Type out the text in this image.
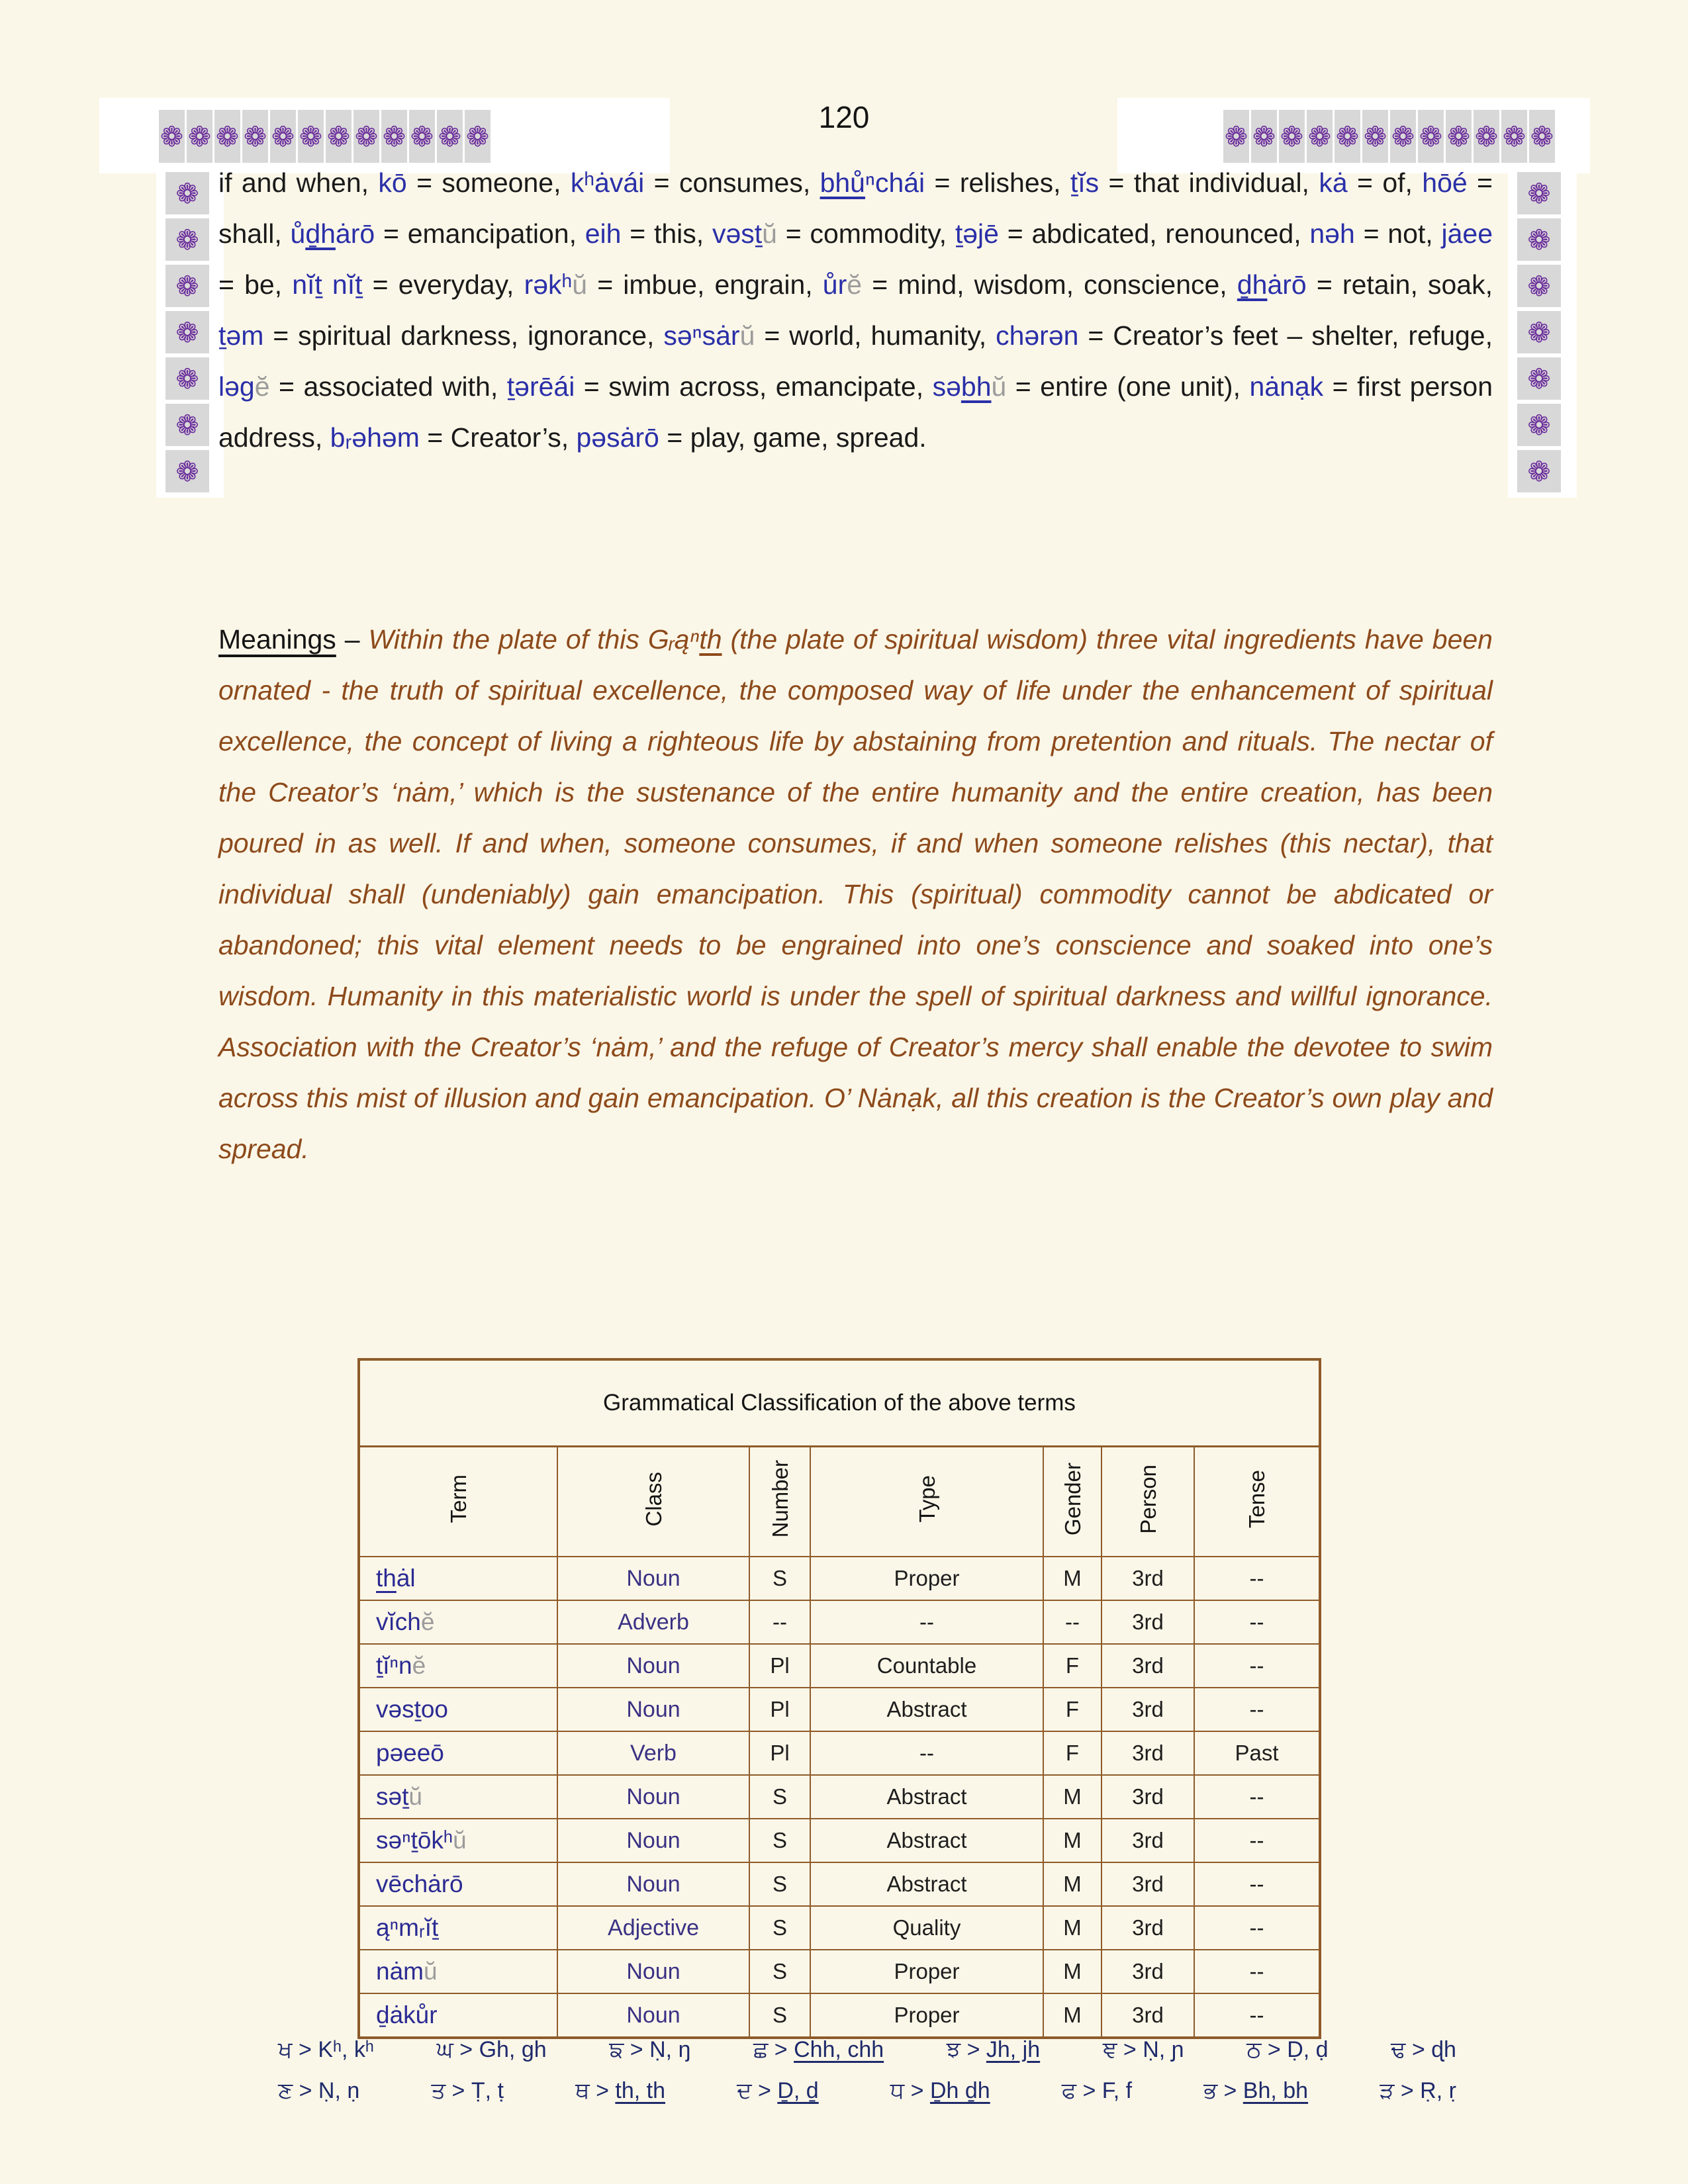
❁ ❁ ❁ ❁ ❁ ❁ ❁ ❁ ❁ ❁ ❁ ❁	❁ ❁ ❁ ❁ ❁ ❁ ❁ ❁ ❁ ❁ ❁ ❁
❁
❁
❁
❁
❁
❁
❁
❁
❁
❁
❁
❁
❁
❁
120

if and when, kō = someone, kʰȧvái = consumes, bhůⁿchái = relishes, ṯĭs = that individual, kȧ = of, hōé = shall, ůḏhȧrō = emancipation, eih = this, vəsṯŭ = commodity, ṯəjē = abdicated, renounced, nəh = not, jȧee = be, nĭṯ nĭṯ = everyday, rəkʰŭ = imbue, engrain, ůrĕ = mind, wisdom, conscience, ḏhȧrō = retain, soak, ṯəm = spiritual darkness, ignorance, səⁿsȧrŭ = world, humanity, chərən = Creator’s feet – shelter, refuge, ləgĕ = associated with, ṯərēái = swim across, emancipate, səbhŭ = entire (one unit), nȧnạk = first person address, bᵣəhəm = Creator’s, pəsȧrō = play, game, spread.

Meanings – Within the plate of this Gᵣąⁿth (the plate of spiritual wisdom) three vital ingredients have been ornated - the truth of spiritual excellence, the composed way of life under the enhancement of spiritual excellence, the concept of living a righteous life by abstaining from pretention and rituals. The nectar of the Creator’s ‘nȧm,’ which is the sustenance of the entire humanity and the entire creation, has been poured in as well. If and when, someone consumes, if and when someone relishes (this nectar), that individual shall (undeniably) gain emancipation. This (spiritual) commodity cannot be abdicated or abandoned; this vital element needs to be engrained into one’s conscience and soaked into one’s wisdom. Humanity in this materialistic world is under the spell of spiritual darkness and willful ignorance. Association with the Creator’s ‘nȧm,’ and the refuge of Creator’s mercy shall enable the devotee to swim across this mist of illusion and gain emancipation. O’ Nȧnạk, all this creation is the Creator’s own play and spread.

Grammatical Classification of the above terms						
Term	Class	Number	Type	Gender	Person	Tense
thȧl	Noun	S	Proper	M	3rd	--
vĭchĕ	Adverb	--	--	--	3rd	--
ṯĭⁿnĕ	Noun	Pl	Countable	F	3rd	--
vəsṯoo	Noun	Pl	Abstract	F	3rd	--
pəeeō	Verb	Pl	--	F	3rd	Past
səṯŭ	Noun	S	Abstract	M	3rd	--
səⁿṯōkʰŭ	Noun	S	Abstract	M	3rd	--
vēchȧrō	Noun	S	Abstract	M	3rd	--
ąⁿmᵣĭṯ	Adjective	S	Quality	M	3rd	--
nȧmŭ	Noun	S	Proper	M	3rd	--
ḏȧkůr	Noun	S	Proper	M	3rd	--
ਖ > Kʰ, kʰ	ਘ > Gh, gh	ਙ > Ṇ, ŋ	ਛ > Chh, chh	ਝ > Jh, jh	ਞ > Ṇ, ɲ	ਠ > Ḍ, ḍ	ਢ > ɖh
ਣ > Ṇ, ṇ	ਤ > Ṭ, ṭ	ਥ > th, th	ਦ > Ḏ, ḏ	ਧ > Ḏh ḏh	ਫ > F, f	ਭ > Bh, bh	ੜ > Ṛ, ṛ
